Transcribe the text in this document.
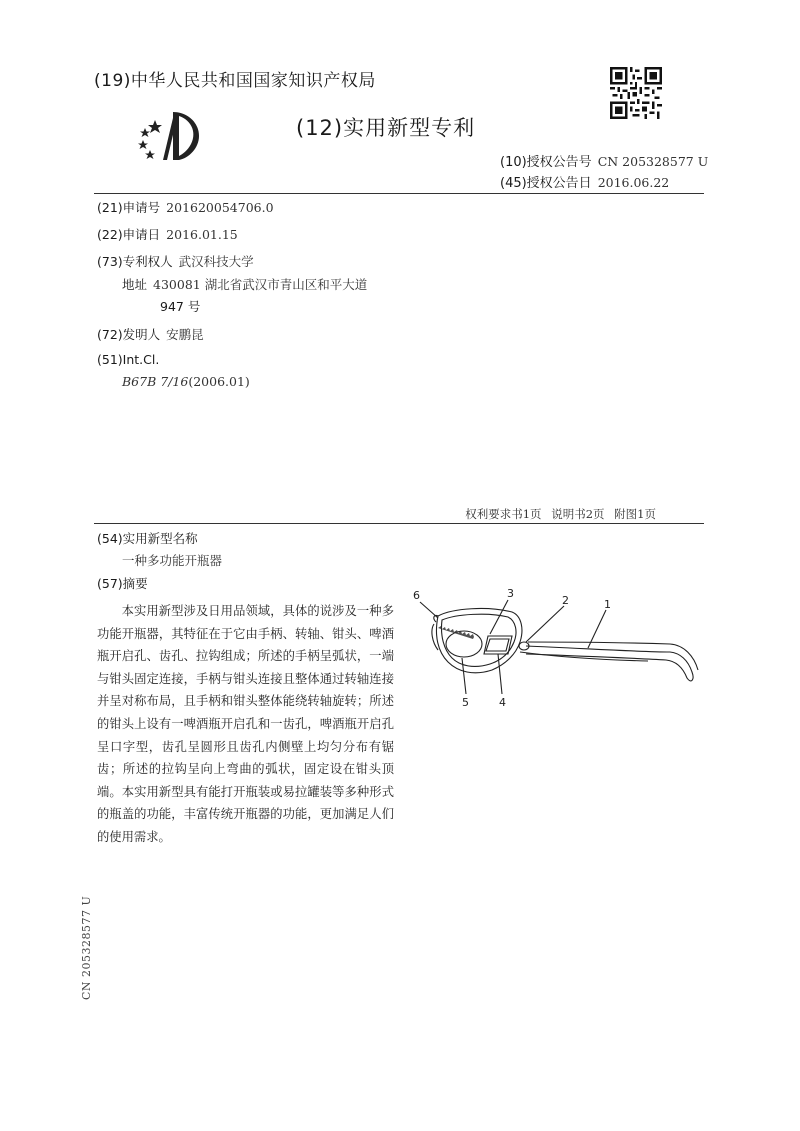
(19)中华人民共和国国家知识产权局
(12)实用新型专利
(10)授权公告号 CN 205328577 U
(45)授权公告日 2016.06.22
(21)申请号 201620054706.0
(22)申请日 2016.01.15
(73)专利权人 武汉科技大学
地址 430081 湖北省武汉市青山区和平大道
947 号
(72)发明人 安鹏昆
(51)Int.Cl.
B67B 7/16(2006.01)
权利要求书1页 说明书2页 附图1页
(54)实用新型名称
一种多功能开瓶器
(57)摘要
本实用新型涉及日用品领域，具体的说涉及一种多功能开瓶器，其特征在于它由手柄、转轴、钳头、啤酒瓶开启孔、齿孔、拉钩组成；所述的手柄呈弧状，一端与钳头固定连接，手柄与钳头连接且整体通过转轴连接并呈对称布局，且手柄和钳头整体能绕转轴旋转；所述的钳头上设有一啤酒瓶开启孔和一齿孔，啤酒瓶开启孔呈口字型，齿孔呈圆形且齿孔内侧壁上均匀分布有锯齿；所述的拉钩呈向上弯曲的弧状，固定设在钳头顶端。本实用新型具有能打开瓶装或易拉罐装等多种形式的瓶盖的功能，丰富传统开瓶器的功能，更加满足人们的使用需求。
6	3
2	1
5	4
CN 205328577 U
